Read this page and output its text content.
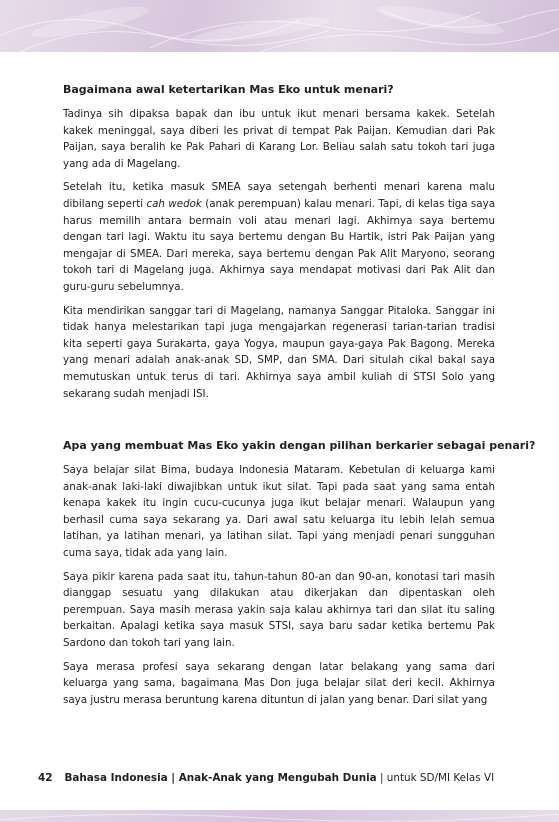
Bagaimana awal ketertarikan Mas Eko untuk menari?

Tadinya sih dipaksa bapak dan ibu untuk ikut menari bersama kakek. Setelah kakek meninggal, saya diberi les privat di tempat Pak Paijan. Kemudian dari Pak Paijan, saya beralih ke Pak Pahari di Karang Lor. Beliau salah satu tokoh tari juga yang ada di Magelang.

Setelah itu, ketika masuk SMEA saya setengah berhenti menari karena malu dibilang seperti cah wedok (anak perempuan) kalau menari. Tapi, di kelas tiga saya harus memilih antara bermain voli atau menari lagi. Akhirnya saya bertemu dengan tari lagi. Waktu itu saya bertemu dengan Bu Hartik, istri Pak Paijan yang mengajar di SMEA. Dari mereka, saya bertemu dengan Pak Alit Maryono, seorang tokoh tari di Magelang juga. Akhirnya saya mendapat motivasi dari Pak Alit dan guru-guru sebelumnya.

Kita mendirikan sanggar tari di Magelang, namanya Sanggar Pitaloka. Sanggar ini tidak hanya melestarikan tapi juga mengajarkan regenerasi tarian-tarian tradisi kita seperti gaya Surakarta, gaya Yogya, maupun gaya-gaya Pak Bagong. Mereka yang menari adalah anak-anak SD, SMP, dan SMA. Dari situlah cikal bakal saya memutuskan untuk terus di tari. Akhirnya saya ambil kuliah di STSI Solo yang sekarang sudah menjadi ISI.

Apa yang membuat Mas Eko yakin dengan pilihan berkarier sebagai penari?

Saya belajar silat Bima, budaya Indonesia Mataram. Kebetulan di keluarga kami anak-anak laki-laki diwajibkan untuk ikut silat. Tapi pada saat yang sama entah kenapa kakek itu ingin cucu-cucunya juga ikut belajar menari. Walaupun yang berhasil cuma saya sekarang ya. Dari awal satu keluarga itu lebih lelah semua latihan, ya latihan menari, ya latihan silat. Tapi yang menjadi penari sungguhan cuma saya, tidak ada yang lain.

Saya pikir karena pada saat itu, tahun-tahun 80-an dan 90-an, konotasi tari masih dianggap sesuatu yang dilakukan atau dikerjakan dan dipentaskan oleh perempuan. Saya masih merasa yakin saja kalau akhirnya tari dan silat itu saling berkaitan. Apalagi ketika saya masuk STSI, saya baru sadar ketika bertemu Pak Sardono dan tokoh tari yang lain.

Saya merasa profesi saya sekarang dengan latar belakang yang sama dari keluarga yang sama, bagaimana Mas Don juga belajar silat deri kecil. Akhirnya saya justru merasa beruntung karena dituntun di jalan yang benar. Dari silat yang

42 Bahasa Indonesia | Anak-Anak yang Mengubah Dunia | untuk SD/MI Kelas VI
